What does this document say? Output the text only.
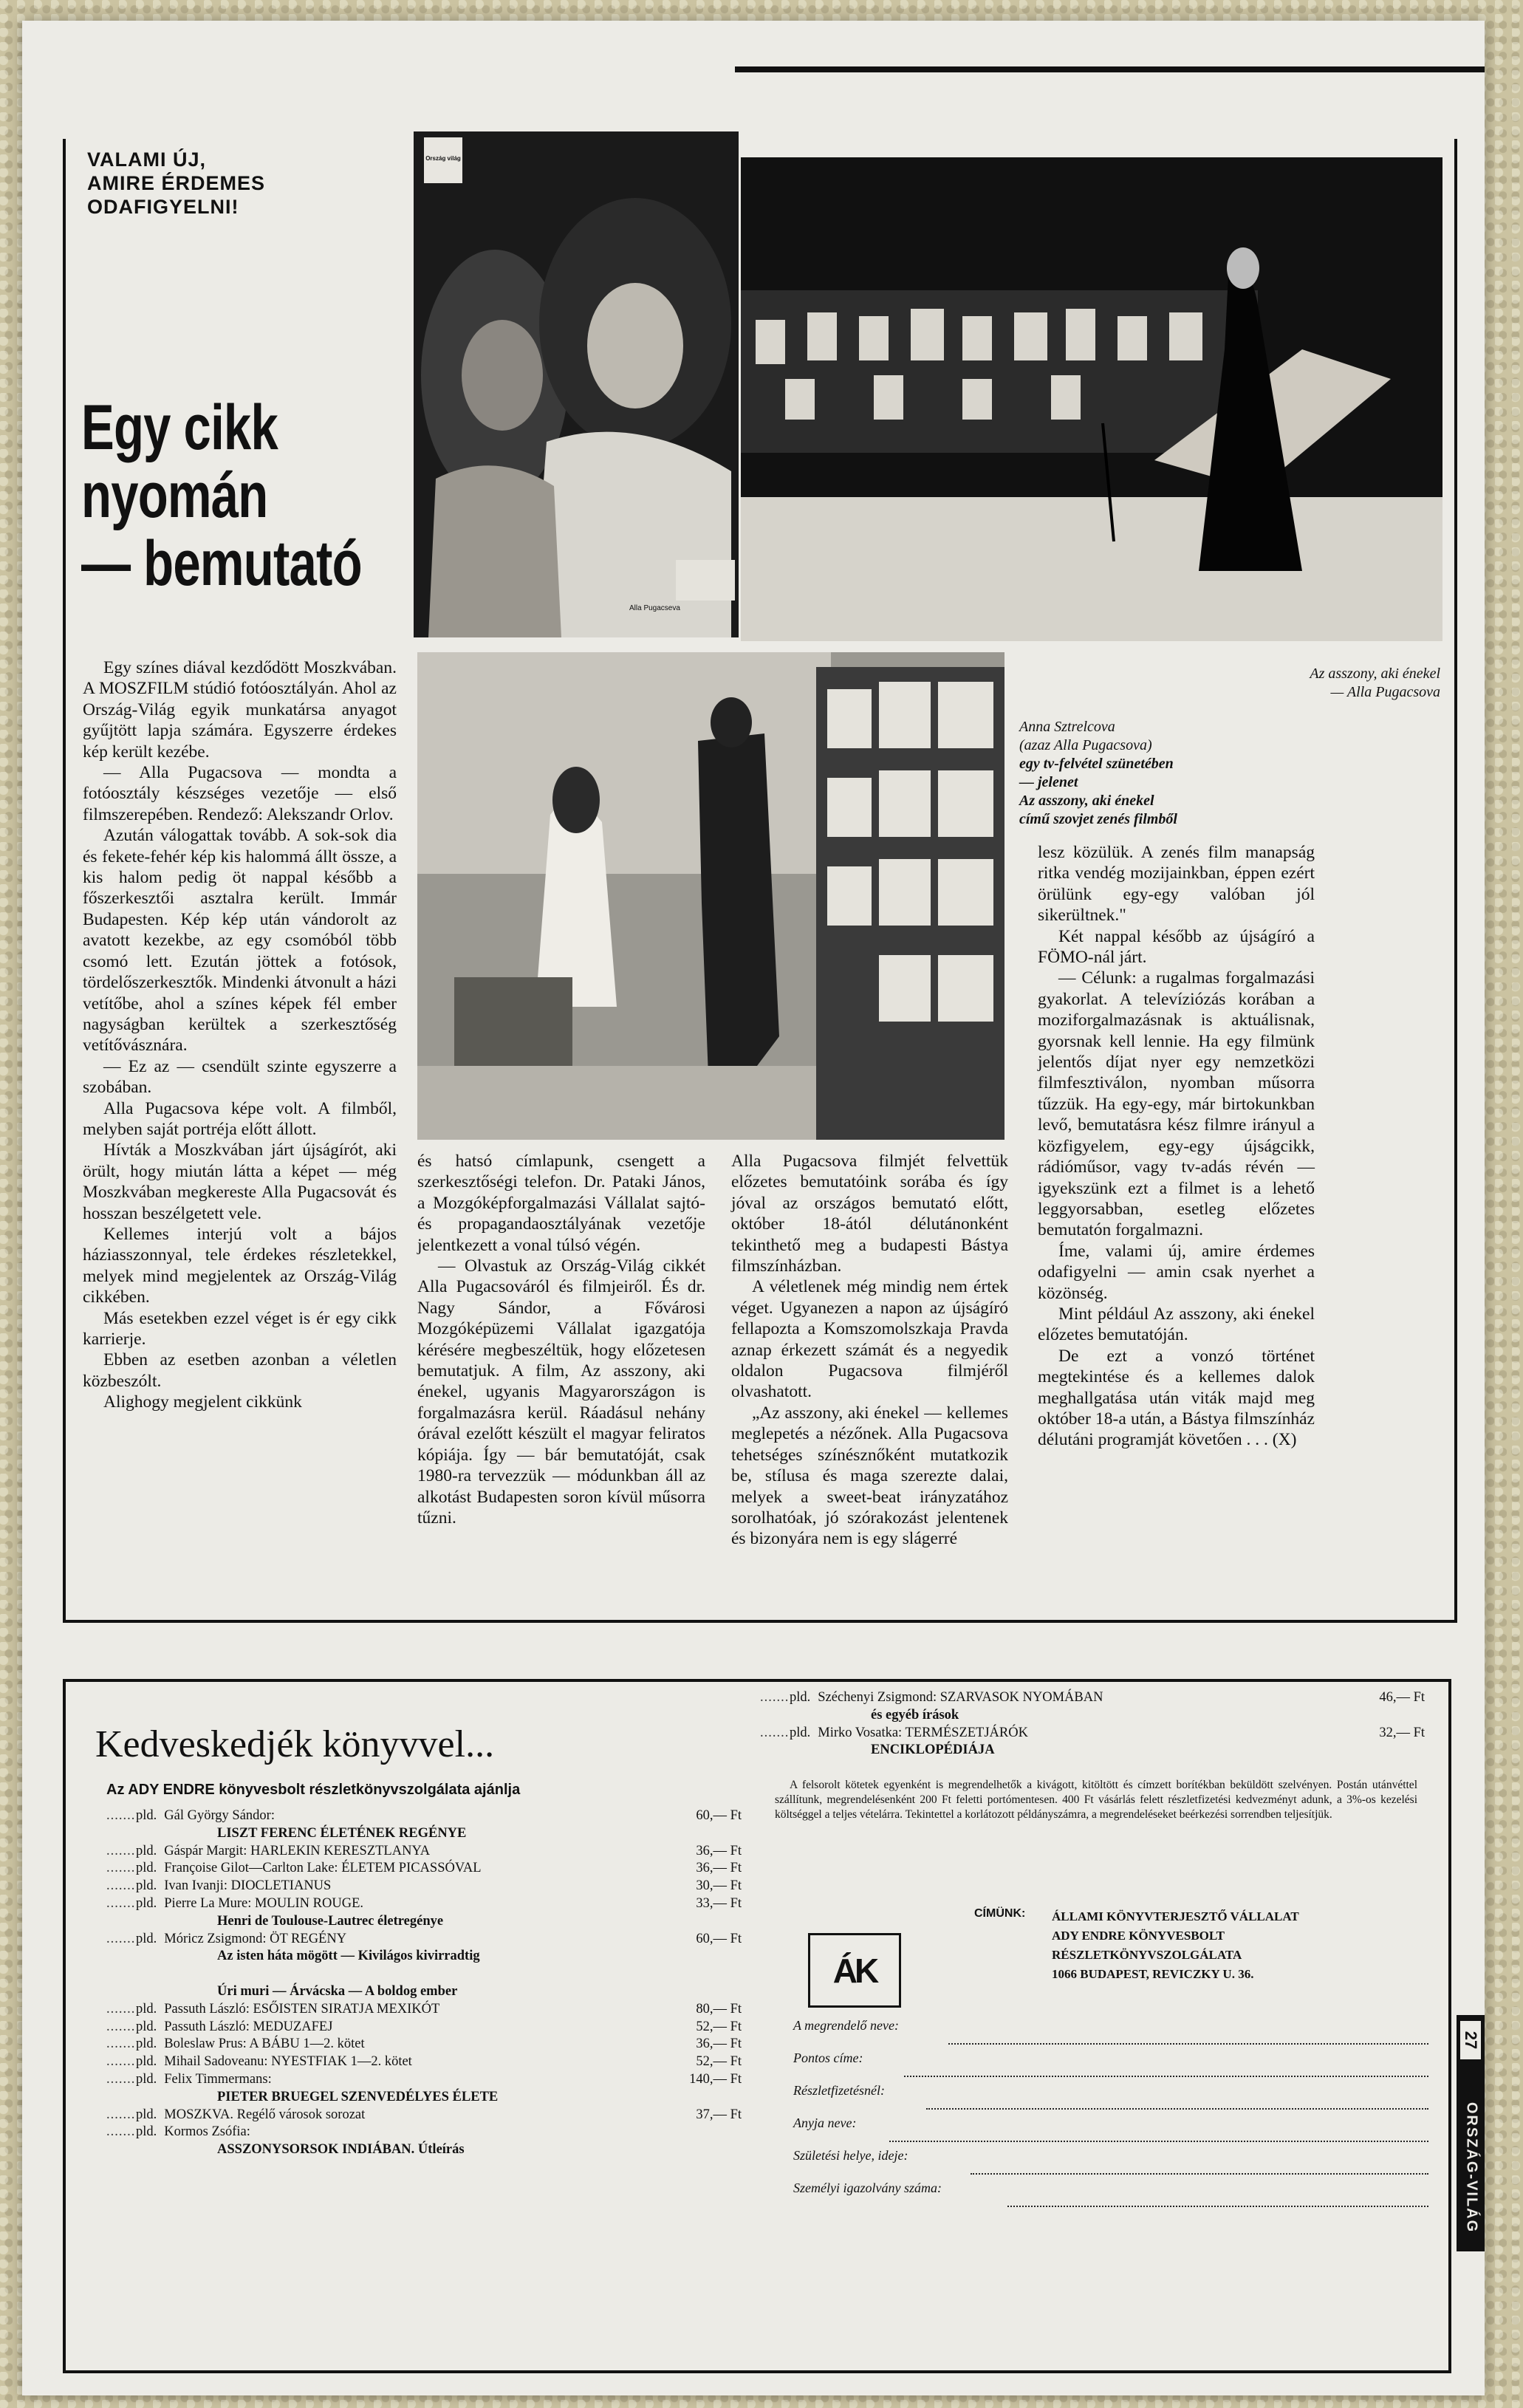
VALAMI ÚJ,
AMIRE ÉRDEMES
ODAFIGYELNI!
Egy cikk
nyomán
— bemutató
Ország világ
Alla Pugacseva
Az asszony, aki énekel
— Alla Pugacsova
Anna Sztrelcova
(azaz Alla Pugacsova)
egy tv-felvétel szünetében
— jelenet
Az asszony, aki énekel
című szovjet zenés filmből

Egy színes diával kezdődött Moszkvában. A MOSZFILM stúdió fotóosztályán. Ahol az Ország-Világ egyik munkatársa anyagot gyűjtött lapja számára. Egyszerre érdekes kép került kezébe.

— Alla Pugacsova — mondta a fotóosztály készséges vezetője — első filmszerepében. Rendező: Alekszandr Orlov.

Azután válogattak tovább. A sok-sok dia és fekete-fehér kép kis halommá állt össze, a kis halom pedig öt nappal később a főszerkesztői asztalra került. Immár Budapesten. Kép kép után vándorolt az avatott kezekbe, az egy csomóból több csomó lett. Ezután jöttek a fotósok, tördelőszerkesztők. Mindenki átvonult a házi vetítőbe, ahol a színes képek fél ember nagyságban kerültek a szerkesztőség vetítővásznára.

— Ez az — csendült szinte egyszerre a szobában.

Alla Pugacsova képe volt. A filmből, melyben saját portréja előtt állott.

Hívták a Moszkvában járt újságírót, aki örült, hogy miután látta a képet — még Moszkvában megkereste Alla Pugacsovát és hosszan beszélgetett vele.

Kellemes interjú volt a bájos háziasszonnyal, tele érdekes részletekkel, melyek mind megjelentek az Ország-Világ cikkében.

Más esetekben ezzel véget is ér egy cikk karrierje.

Ebben az esetben azonban a véletlen közbeszólt.

Alighogy megjelent cikkünk

és hatsó címlapunk, csengett a szerkesztőségi telefon. Dr. Pataki János, a Mozgóképforgalmazási Vállalat sajtó- és propagandaosztályának vezetője jelentkezett a vonal túlsó végén.

— Olvastuk az Ország-Világ cikkét Alla Pugacsováról és filmjeiről. És dr. Nagy Sándor, a Fővárosi Mozgóképüzemi Vállalat igazgatója kérésére megbeszéltük, hogy előzetesen bemutatjuk. A film, Az asszony, aki énekel, ugyanis Magyarországon is forgalmazásra kerül. Ráadásul nehány órával ezelőtt készült el magyar feliratos kópiája. Így — bár bemutatóját, csak 1980-ra tervezzük — módunkban áll az alkotást Budapesten soron kívül műsorra tűzni.

Alla Pugacsova filmjét felvettük előzetes bemutatóink sorába és így jóval az országos bemutató előtt, október 18-ától délutánonként tekinthető meg a budapesti Bástya filmszínházban.

A véletlenek még mindig nem értek véget. Ugyanezen a napon az újságíró fellapozta a Komszomolszkaja Pravda aznap érkezett számát és a negyedik oldalon Pugacsova filmjéről olvashatott.

„Az asszony, aki énekel — kellemes meglepetés a nézőnek. Alla Pugacsova tehetséges színésznőként mutatkozik be, stílusa és maga szerezte dalai, melyek a sweet-beat irányzatához sorolhatóak, jó szórakozást jelentenek és bizonyára nem is egy slágerré

lesz közülük. A zenés film manapság ritka vendég mozijainkban, éppen ezért örülünk egy-egy valóban jól sikerültnek."

Két nappal később az újságíró a FÖMO-nál járt.

— Célunk: a rugalmas forgalmazási gyakorlat. A televíziózás korában a moziforgalmazásnak is aktuálisnak, gyorsnak kell lennie. Ha egy filmünk jelentős díjat nyer egy nemzetközi filmfesztiválon, nyomban műsorra tűzzük. Ha egy-egy, már birtokunkban levő, bemutatásra kész filmre irányul a közfigyelem, egy-egy újságcikk, rádióműsor, vagy tv-adás révén — igyekszünk ezt a filmet is a lehető leggyorsabban, esetleg előzetes bemutatón forgalmazni.

Íme, valami új, amire érdemes odafigyelni — amin csak nyerhet a közönség.

Mint például Az asszony, aki énekel előzetes bemutatóján.

De ezt a vonzó történet megtekintése és a kellemes dalok meghallgatása után viták majd meg október 18-a után, a Bástya filmszínház délutáni programját követően . . . (X)

Kedveskedjék könyvvel...
Az ADY ENDRE könyvesbolt részletkönyvszolgálata ajánlja
.......pld. Gál György Sándor:	60,— Ft
LISZT FERENC ÉLETÉNEK REGÉNYE
.......pld. Gáspár Margit: HARLEKIN KERESZTLANYA	36,— Ft
.......pld. Françoise Gilot—Carlton Lake: ÉLETEM PICASSÓVAL	36,— Ft
.......pld. Ivan Ivanji: DIOCLETIANUS	30,— Ft
.......pld. Pierre La Mure: MOULIN ROUGE.	33,— Ft
Henri de Toulouse-Lautrec életregénye
.......pld. Móricz Zsigmond: ÖT REGÉNY	60,— Ft
Az isten háta mögött — Kivilágos kivirradtig
Úri muri — Árvácska — A boldog ember
.......pld. Passuth László: ESŐISTEN SIRATJA MEXIKÓT	80,— Ft
.......pld. Passuth László: MEDUZAFEJ	52,— Ft
.......pld. Boleslaw Prus: A BÁBU 1—2. kötet	36,— Ft
.......pld. Mihail Sadoveanu: NYESTFIAK 1—2. kötet	52,— Ft
.......pld. Felix Timmermans:	140,— Ft
PIETER BRUEGEL SZENVEDÉLYES ÉLETE
.......pld. MOSZKVA. Regélő városok sorozat	37,— Ft
.......pld. Kormos Zsófia:
ASSZONYSORSOK INDIÁBAN. Útleírás
.......pld. Széchenyi Zsigmond: SZARVASOK NYOMÁBAN	46,— Ft
és egyéb írások
.......pld. Mirko Vosatka: TERMÉSZETJÁRÓK	32,— Ft
ENCIKLOPÉDIÁJA
A felsorolt kötetek egyenként is megrendelhetők a kivágott, kitöltött és címzett borítékban beküldött szelvényen. Postán utánvéttel szállítunk, megrendelésenként 200 Ft feletti portómentesen. 400 Ft vásárlás felett részletfizetési kedvezményt adunk, a 3%-os kezelési költséggel a teljes vételárra. Tekintettel a korlátozott példányszámra, a megrendeléseket beérkezési sorrendben teljesítjük.
ÁK
CÍMÜNK: ÁLLAMI KÖNYVTERJESZTŐ VÁLLALAT
ADY ENDRE KÖNYVESBOLT
RÉSZLETKÖNYVSZOLGÁLATA
1066 BUDAPEST, REVICZKY U. 36.
A megrendelő neve:
Pontos címe:
Részletfizetésnél:
Anyja neve:
Születési helye, ideje:
Személyi igazolvány száma:
27
ORSZÁG-VILÁG
